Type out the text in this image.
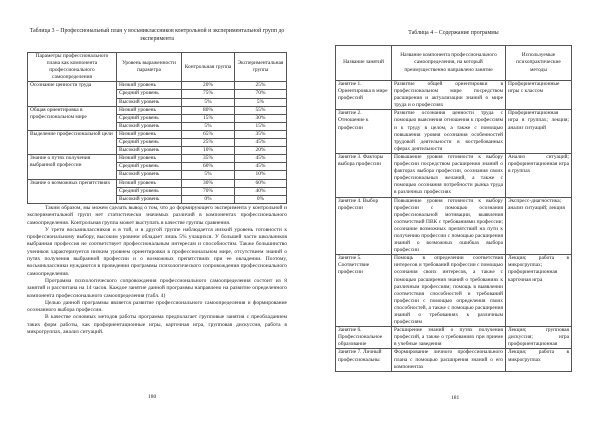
Таблица 3 – Профессиональный план у восьмиклассников контрольной и экспериментальной групп до эксперимента
Параметры профессионального плана как компонента профессионального самоопределения	Уровень выраженности параметра	Контрольная группа	Экспериментальная группа
Осознание ценности труда	Низкий уровень	20%	25%
	Средний уровень	75%	70%
	Высокий уровень	5%	5%
Общая ориентировка в профессиональном мире	Низкий уровень	80%	55%
	Средний уровень	15%	30%
	Высокий уровень	5%	15%
Выделение профессиональной цели	Низкий уровень	65%	35%
	Средний уровень	25%	45%
	Высокий уровень	10%	20%
Знание о путях получения выбранной профессии	Низкий уровень	35%	45%
	Средний уровень	60%	45%
	Высокий уровень	5%	10%
Знание о возможных препятствиях	Низкий уровень	30%	60%
	Средний уровень	70%	40%
	Высокий уровень	0%	0%

Таким образом, мы можем сделать вывод о том, что до формирующего эксперимента у контрольной и экспериментальной групп нет статистически значимых различий в компонентах профессионального самоопределения. Контрольная группа может выступать в качестве группы сравнения.

У трети восьмиклассников и в той, и в другой группе наблюдается низкий уровень готовности к профессиональному выбору, высоким уровнем обладает лишь 5% учащихся. У большей части школьников выбранная профессия не соответствует профессиональным интересам и способностям. Также большинство учеников характеризуется низким уровнем ориентировки в профессиональном мире, отсутствием знаний о путях получения выбранной профессии и о возможных препятствиях при ее овладении. Поэтому, восьмиклассники нуждаются в проведении программы психологического сопровождения профессионального самоопределения.

Программа психологического сопровождения профессионального самоопределения состоит из 8 занятий и рассчитана на 14 часов. Каждое занятие данной программы направлено на развитие определенного компонента профессионального самоопределения (табл. 4)

Целью данной программы является развитие профессионального самоопределения и формирование осознанного выбора профессии.

В качестве основных методов работы программа предполагает групповые занятия с преобладанием таких форм работы, как профориентационные игры, карточная игра, групповая дискуссия, работа в микрогруппах, анализ ситуаций.

180
Таблица 4 – Содержание программы
Название занятий	Название компонента профессионального самоопределения, на который преимущественно направлено занятие	Используемые психопрактические методы
Занятие 1. Ориентировка в мире профессий	Развитие общей ориентировки в профессиональном мире посредством расширения и актуализации знаний о мире труда и о профессиях	Профориентационные игры с классом
Занятие 2. Отношение к профессии	Развитие осознания ценности труда с помощью выяснения отношения к профессиям и к труду в целом, а также с помощью повышения уровня осознания особенностей трудовой деятельности в востребованных сферах деятельности	Профориентационная игра в группах; лекция; анализ ситуаций
Занятие 3. Факторы выбора профессии	Повышение уровня готовности к выбору профессии посредством расширения знаний о факторах выбора профессии, осознания своих профессиональных желаний, а также с помощью осознания потребности рынка труда в различных профессиях	Анализ ситуаций; профориентационная игра в группах
Занятие 4. Выбор профессии	Повышение уровня готовности к выбору профессии с помощью осознания профессиональной мотивации, выявления соответствий ПВК с требованиями профессии; осознание возможных препятствий на пути к получению профессии с помощью расширения знаний о возможных ошибках выбора профессии	Экспресс-диагностика; анализ ситуаций; лекция
Занятие 5. Соответствие профессии	Помощь в определении соответствия интересов и требований профессии с помощью осознания своих интересов, а также с помощью расширения знаний о требованиях к различным профессиям; помощь в выявлении соответствия способностей и требований профессии с помощью определения своих способностей, а также с помощью расширения знаний о требованиях к различным профессиям	Лекция; работа в микрогруппах; профориентационная карточная игра
Занятие 6. Профессиональное образование	Расширение знаний о путях получения профессий, а также о требованиях при приеме в учебные заведения	Лекция; групповая дискуссия; игра профориентационная
Занятие 7. Личный профессиональны	Формирование личного профессионального плана с помощью расширения знаний о его компонентах	Лекция; работа в микрогруппах
181
